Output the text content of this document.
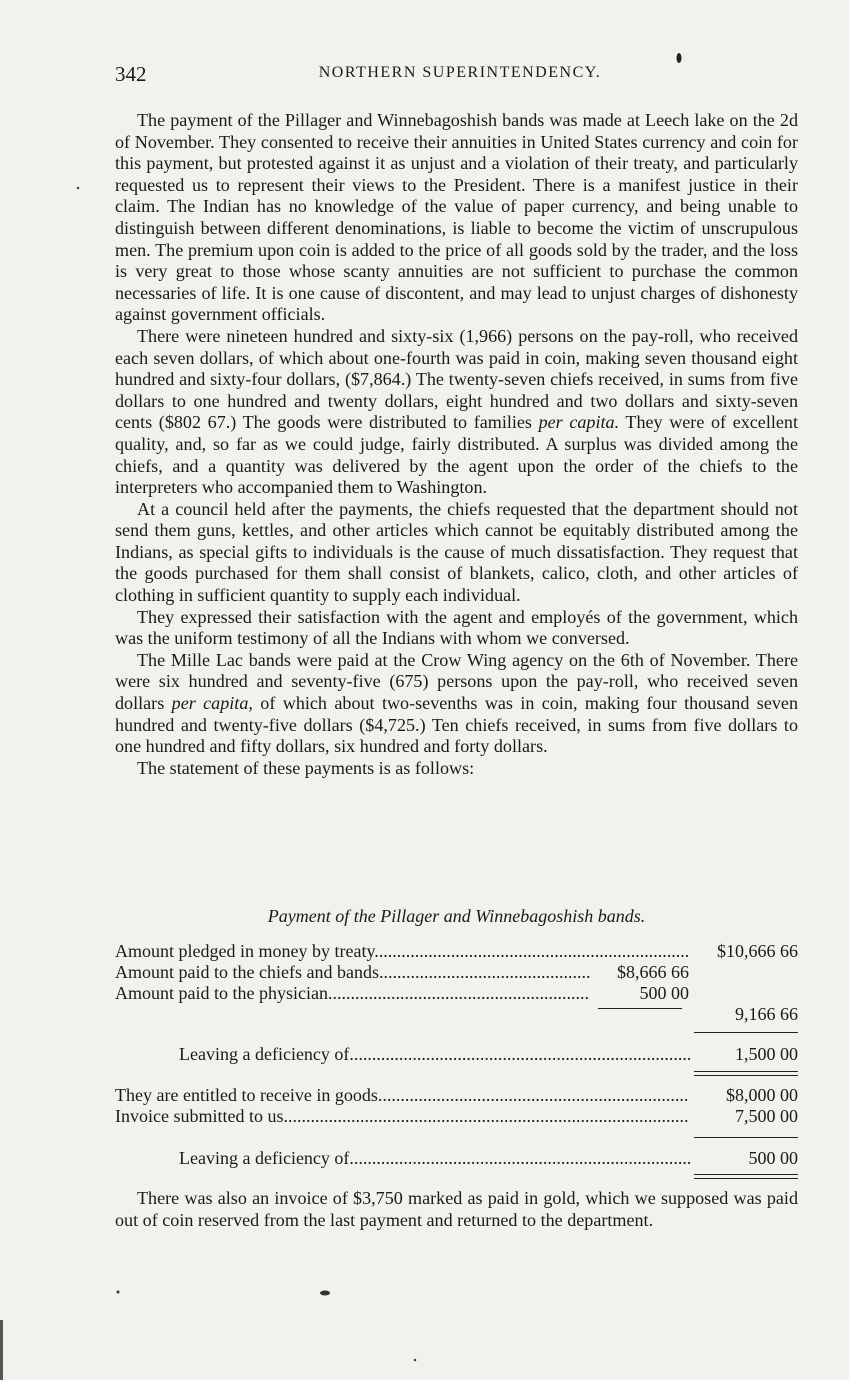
342	NORTHERN SUPERINTENDENCY.

The payment of the Pillager and Winnebagoshish bands was made at Leech lake on the 2d of November. They consented to receive their annuities in United States currency and coin for this payment, but protested against it as unjust and a violation of their treaty, and particularly requested us to represent their views to the President. There is a manifest justice in their claim. The Indian has no knowledge of the value of paper currency, and being unable to distinguish between different denominations, is liable to become the victim of unscrupulous men. The premium upon coin is added to the price of all goods sold by the trader, and the loss is very great to those whose scanty annuities are not sufficient to purchase the common necessaries of life. It is one cause of discontent, and may lead to unjust charges of dishonesty against government officials.

There were nineteen hundred and sixty-six (1,966) persons on the pay-roll, who received each seven dollars, of which about one-fourth was paid in coin, making seven thousand eight hundred and sixty-four dollars, ($7,864.) The twenty-seven chiefs received, in sums from five dollars to one hundred and twenty dollars, eight hundred and two dollars and sixty-seven cents ($802 67.) The goods were distributed to families per capita. They were of excellent quality, and, so far as we could judge, fairly distributed. A surplus was divided among the chiefs, and a quantity was delivered by the agent upon the order of the chiefs to the interpreters who accompanied them to Washington.

At a council held after the payments, the chiefs requested that the department should not send them guns, kettles, and other articles which cannot be equitably distributed among the Indians, as special gifts to individuals is the cause of much dissatisfaction. They request that the goods purchased for them shall consist of blankets, calico, cloth, and other articles of clothing in sufficient quantity to supply each individual.

They expressed their satisfaction with the agent and employés of the government, which was the uniform testimony of all the Indians with whom we conversed.

The Mille Lac bands were paid at the Crow Wing agency on the 6th of November. There were six hundred and seventy-five (675) persons upon the pay-roll, who received seven dollars per capita, of which about two-sevenths was in coin, making four thousand seven hundred and twenty-five dollars ($4,725.) Ten chiefs received, in sums from five dollars to one hundred and fifty dollars, six hundred and forty dollars.

The statement of these payments is as follows:

Payment of the Pillager and Winnebagoshish bands.
Amount pledged in money by treaty......................................................................	$10,666 66
Amount paid to the chiefs and bands...............................................	$8,666 66
Amount paid to the physician..........................................................	500 00
9,166 66
Leaving a deficiency of............................................................................	1,500 00
They are entitled to receive in goods.....................................................................	$8,000 00
Invoice submitted to us..........................................................................................	7,500 00
Leaving a deficiency of............................................................................	500 00

There was also an invoice of $3,750 marked as paid in gold, which we supposed was paid out of coin reserved from the last payment and returned to the department.
